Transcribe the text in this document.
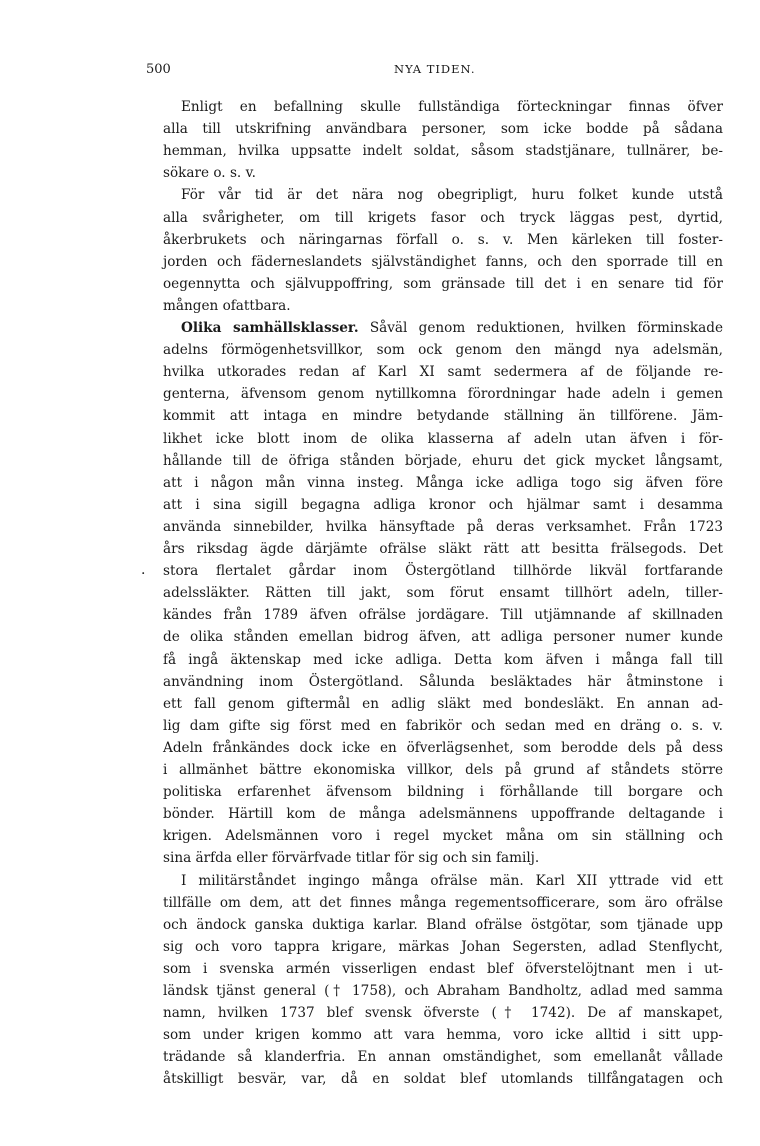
500	NYA TIDEN.
·
Enligt en befallning skulle fullständiga förteckningar finnas öfver
alla till utskrifning användbara personer, som icke bodde på sådana
hemman, hvilka uppsatte indelt soldat, såsom stadstjänare, tullnärer, be-
sökare o. s. v.
För vår tid är det nära nog obegripligt, huru folket kunde utstå
alla svårigheter, om till krigets fasor och tryck läggas pest, dyrtid,
åkerbrukets och näringarnas förfall o. s. v. Men kärleken till foster-
jorden och fäderneslandets självständighet fanns, och den sporrade till en
oegennytta och självuppoffring, som gränsade till det i en senare tid för
mången ofattbara.
Olika samhällsklasser. Såväl genom reduktionen, hvilken förminskade
adelns förmögenhetsvillkor, som ock genom den mängd nya adelsmän,
hvilka utkorades redan af Karl XI samt sedermera af de följande re-
genterna, äfvensom genom nytillkomna förordningar hade adeln i gemen
kommit att intaga en mindre betydande ställning än tillförene. Jäm-
likhet icke blott inom de olika klasserna af adeln utan äfven i för-
hållande till de öfriga stånden började, ehuru det gick mycket långsamt,
att i någon mån vinna insteg. Många icke adliga togo sig äfven före
att i sina sigill begagna adliga kronor och hjälmar samt i desamma
använda sinnebilder, hvilka hänsyftade på deras verksamhet. Från 1723
års riksdag ägde därjämte ofrälse släkt rätt att besitta frälsegods. Det
stora flertalet gårdar inom Östergötland tillhörde likväl fortfarande
adelssläkter. Rätten till jakt, som förut ensamt tillhört adeln, tiller-
kändes från 1789 äfven ofrälse jordägare. Till utjämnande af skillnaden
de olika stånden emellan bidrog äfven, att adliga personer numer kunde
få ingå äktenskap med icke adliga. Detta kom äfven i många fall till
användning inom Östergötland. Sålunda besläktades här åtminstone i
ett fall genom giftermål en adlig släkt med bondesläkt. En annan ad-
lig dam gifte sig först med en fabrikör och sedan med en dräng o. s. v.
Adeln frånkändes dock icke en öfverlägsenhet, som berodde dels på dess
i allmänhet bättre ekonomiska villkor, dels på grund af ståndets större
politiska erfarenhet äfvensom bildning i förhållande till borgare och
bönder. Härtill kom de många adelsmännens uppoffrande deltagande i
krigen. Adelsmännen voro i regel mycket måna om sin ställning och
sina ärfda eller förvärfvade titlar för sig och sin familj.
I militärståndet ingingo många ofrälse män. Karl XII yttrade vid ett
tillfälle om dem, att det finnes många regementsofficerare, som äro ofrälse
och ändock ganska duktiga karlar. Bland ofrälse östgötar, som tjänade upp
sig och voro tappra krigare, märkas Johan Segersten, adlad Stenflycht,
som i svenska armén visserligen endast blef öfverstelöjtnant men i ut-
ländsk tjänst general († 1758), och Abraham Bandholtz, adlad med samma
namn, hvilken 1737 blef svensk öfverste († 1742). De af manskapet,
som under krigen kommo att vara hemma, voro icke alltid i sitt upp-
trädande så klanderfria. En annan omständighet, som emellanåt vållade
åtskilligt besvär, var, då en soldat blef utomlands tillfångatagen och
